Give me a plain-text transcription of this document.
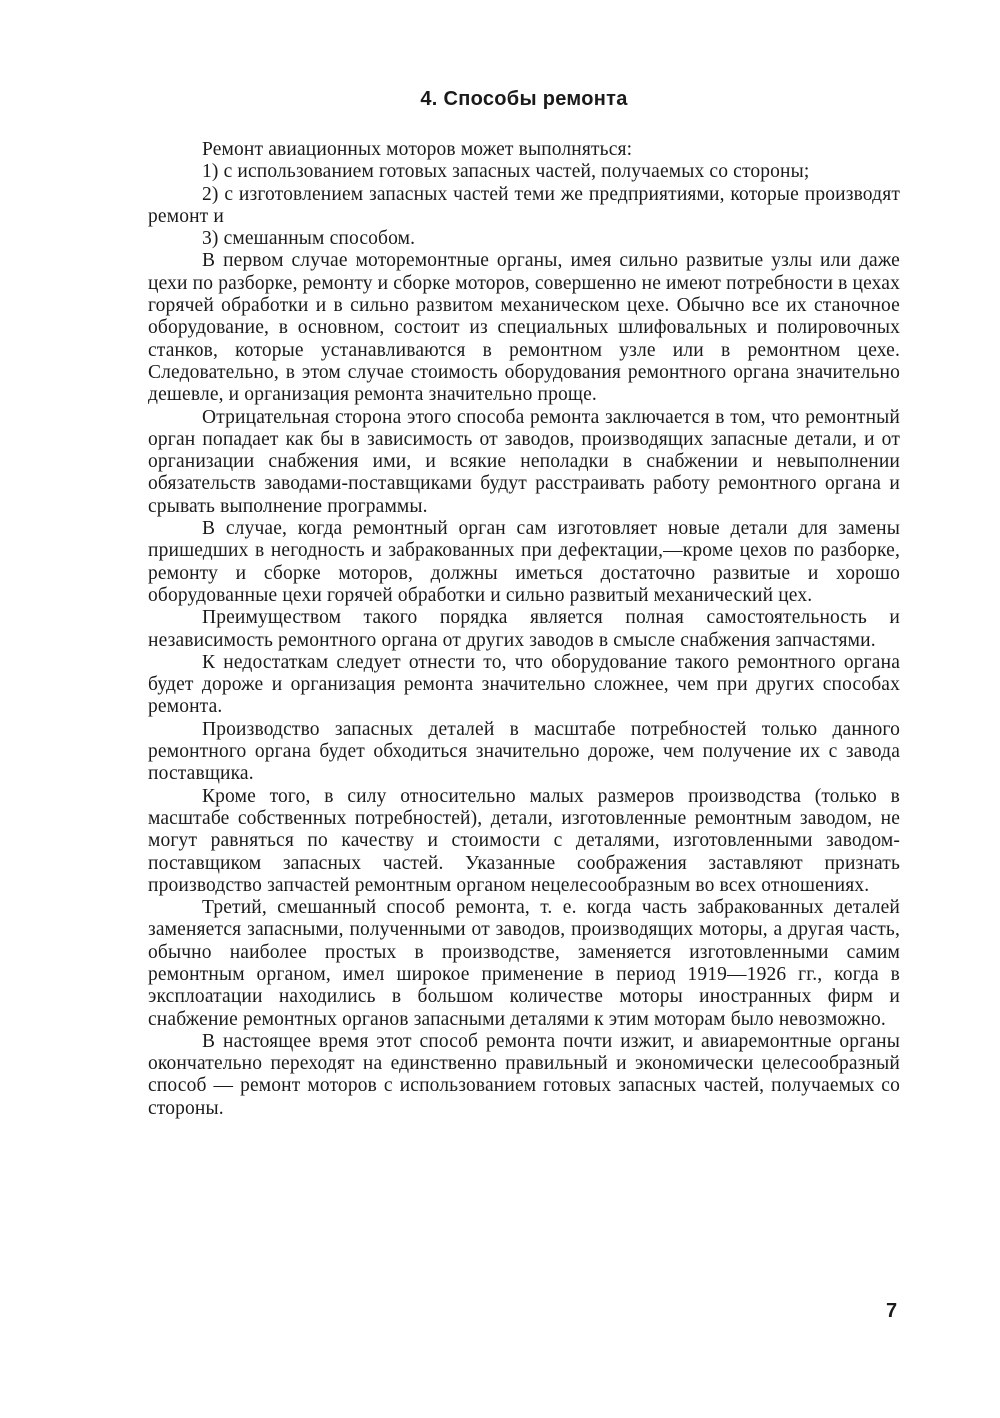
4. Способы ремонта

Ремонт авиационных моторов может выполняться:

1) с использованием готовых запасных частей, получаемых со стороны;

2) с изготовлением запасных частей теми же предприятиями, которые производят ремонт и

3) смешанным способом.

В первом случае моторемонтные органы, имея сильно развитые узлы или даже цехи по разборке, ремонту и сборке моторов, совершенно не имеют потребности в цехах горячей обработки и в сильно развитом механическом цехе. Обычно все их станочное оборудование, в основном, состоит из специальных шлифовальных и полировочных станков, которые устанавливаются в ремонтном узле или в ремонтном цехе. Следовательно, в этом случае стоимость оборудования ремонтного органа значительно дешевле, и организация ремонта значительно проще.

Отрицательная сторона этого способа ремонта заключается в том, что ремонтный орган попадает как бы в зависимость от заводов, производящих запасные детали, и от организации снабжения ими, и всякие неполадки в снабжении и невыполнении обязательств заводами-поставщиками будут расстраивать работу ремонтного органа и срывать выполнение программы.

В случае, когда ремонтный орган сам изготовляет новые детали для замены пришедших в негодность и забракованных при дефектации,—кроме цехов по разборке, ремонту и сборке моторов, должны иметься достаточно развитые и хорошо оборудованные цехи горячей обработки и сильно развитый механический цех.

Преимуществом такого порядка является полная самостоятельность и независимость ремонтного органа от других заводов в смысле снабжения запчастями.

К недостаткам следует отнести то, что оборудование такого ремонтного органа будет дороже и организация ремонта значительно сложнее, чем при других способах ремонта.

Производство запасных деталей в масштабе потребностей только данного ремонтного органа будет обходиться значительно дороже, чем получение их с завода поставщика.

Кроме того, в силу относительно малых размеров производства (только в масштабе собственных потребностей), детали, изготовленные ремонтным заводом, не могут равняться по качеству и стоимости с деталями, изготовленными заводом-поставщиком запасных частей. Указанные соображения заставляют признать производство запчастей ремонтным органом нецелесообразным во всех отношениях.

Третий, смешанный способ ремонта, т. е. когда часть забракованных деталей заменяется запасными, полученными от заводов, производящих моторы, а другая часть, обычно наиболее простых в производстве, заменяется изготовленными самим ремонтным органом, имел широкое применение в период 1919—1926 гг., когда в эксплоатации находились в большом количестве моторы иностранных фирм и снабжение ремонтных органов запасными деталями к этим моторам было невозможно.

В настоящее время этот способ ремонта почти изжит, и авиаремонтные органы окончательно переходят на единственно правильный и экономически целесообразный способ — ремонт моторов с использованием готовых запасных частей, получаемых со стороны.

7
